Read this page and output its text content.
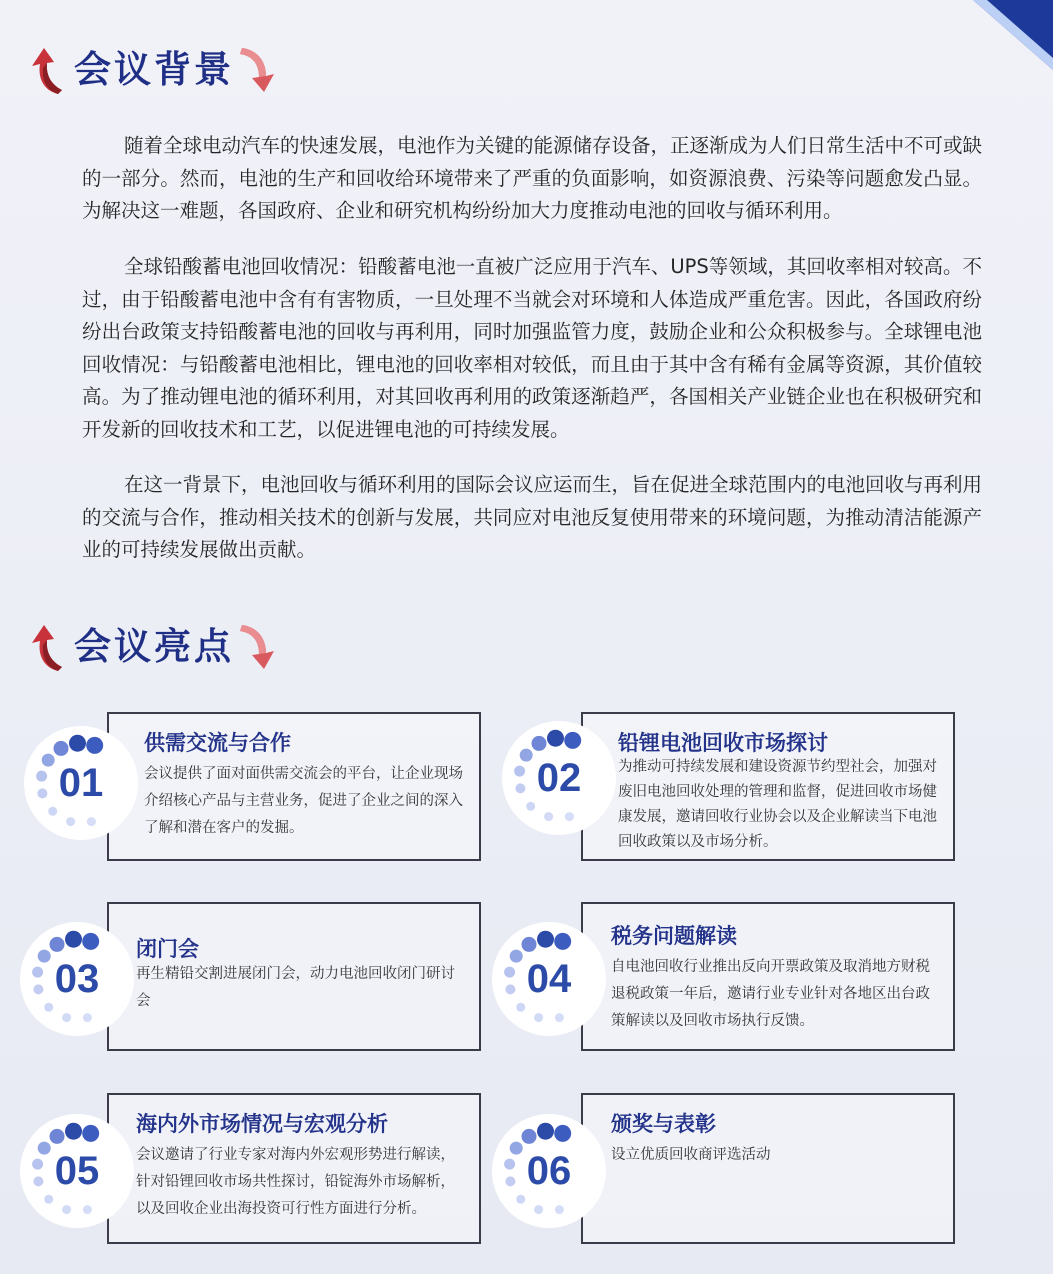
会议背景

随着全球电动汽车的快速发展，电池作为关键的能源储存设备，正逐渐成为人们日常生活中不可或缺的一部分。然而，电池的生产和回收给环境带来了严重的负面影响，如资源浪费、污染等问题愈发凸显。为解决这一难题，各国政府、企业和研究机构纷纷加大力度推动电池的回收与循环利用。

全球铅酸蓄电池回收情况：铅酸蓄电池一直被广泛应用于汽车、UPS等领域，其回收率相对较高。不过，由于铅酸蓄电池中含有有害物质，一旦处理不当就会对环境和人体造成严重危害。因此，各国政府纷纷出台政策支持铅酸蓄电池的回收与再利用，同时加强监管力度，鼓励企业和公众积极参与。全球锂电池回收情况：与铅酸蓄电池相比，锂电池的回收率相对较低，而且由于其中含有稀有金属等资源，其价值较高。为了推动锂电池的循环利用，对其回收再利用的政策逐渐趋严，各国相关产业链企业也在积极研究和开发新的回收技术和工艺，以促进锂电池的可持续发展。

在这一背景下，电池回收与循环利用的国际会议应运而生，旨在促进全球范围内的电池回收与再利用的交流与合作，推动相关技术的创新与发展，共同应对电池反复使用带来的环境问题，为推动清洁能源产业的可持续发展做出贡献。

会议亮点
供需交流与合作
会议提供了面对面供需交流会的平台，让企业现场介绍核心产品与主营业务，促进了企业之间的深入了解和潜在客户的发掘。
铅锂电池回收市场探讨
为推动可持续发展和建设资源节约型社会，加强对废旧电池回收处理的管理和监督，促进回收市场健康发展，邀请回收行业协会以及企业解读当下电池回收政策以及市场分析。
闭门会
再生精铅交割进展闭门会，动力电池回收闭门研讨会
税务问题解读
自电池回收行业推出反向开票政策及取消地方财税退税政策一年后，邀请行业专业针对各地区出台政策解读以及回收市场执行反馈。
海内外市场情况与宏观分析
会议邀请了行业专家对海内外宏观形势进行解读，针对铅锂回收市场共性探讨，铅锭海外市场解析，以及回收企业出海投资可行性方面进行分析。
颁奖与表彰
设立优质回收商评选活动
01	02
03	04
05	06
